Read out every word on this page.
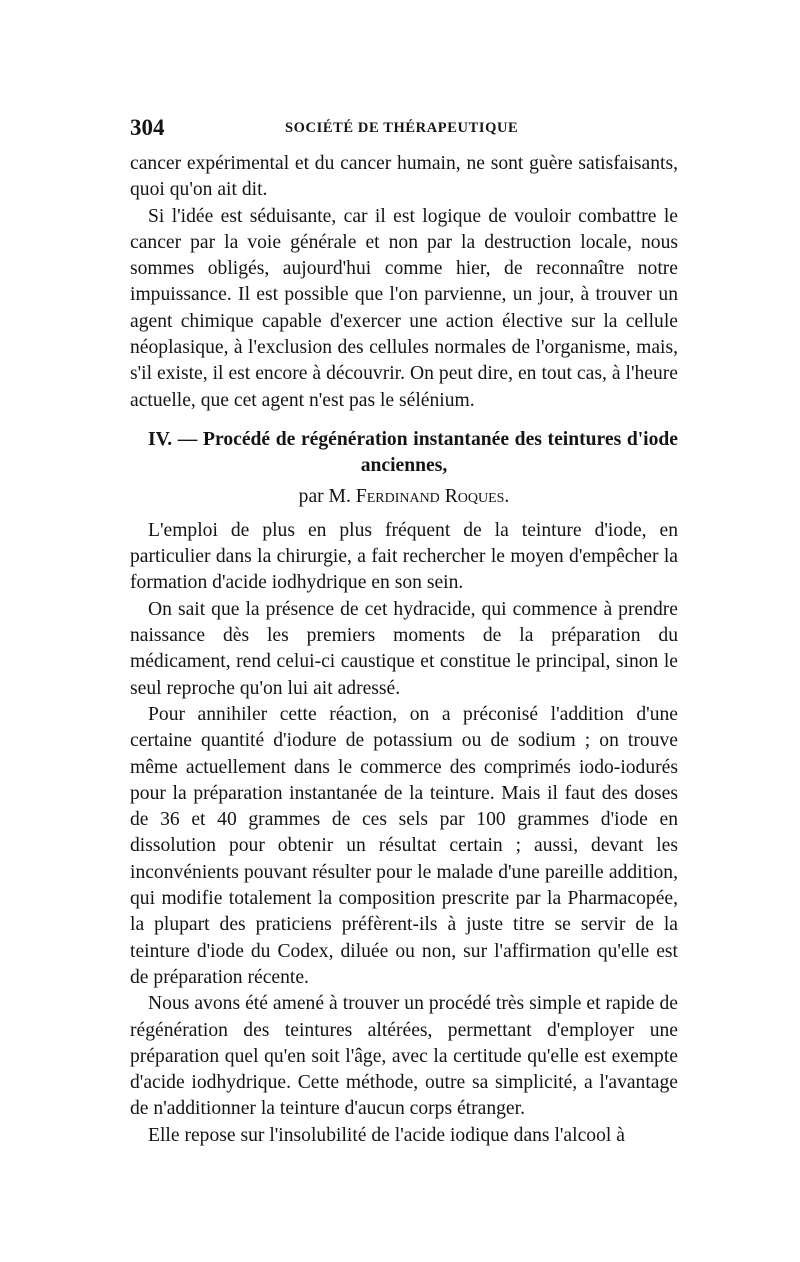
304	SOCIÉTÉ DE THÉRAPEUTIQUE

cancer expérimental et du cancer humain, ne sont guère satisfaisants, quoi qu'on ait dit.

Si l'idée est séduisante, car il est logique de vouloir combattre le cancer par la voie générale et non par la destruction locale, nous sommes obligés, aujourd'hui comme hier, de reconnaître notre impuissance. Il est possible que l'on parvienne, un jour, à trouver un agent chimique capable d'exercer une action élective sur la cellule néoplasique, à l'exclusion des cellules normales de l'organisme, mais, s'il existe, il est encore à découvrir. On peut dire, en tout cas, à l'heure actuelle, que cet agent n'est pas le sélénium.

IV. — Procédé de régénération instantanée des teintures d'iode anciennes,

par M. Ferdinand Roques.

L'emploi de plus en plus fréquent de la teinture d'iode, en particulier dans la chirurgie, a fait rechercher le moyen d'empêcher la formation d'acide iodhydrique en son sein.

On sait que la présence de cet hydracide, qui commence à prendre naissance dès les premiers moments de la préparation du médicament, rend celui-ci caustique et constitue le principal, sinon le seul reproche qu'on lui ait adressé.

Pour annihiler cette réaction, on a préconisé l'addition d'une certaine quantité d'iodure de potassium ou de sodium ; on trouve même actuellement dans le commerce des comprimés iodo-iodurés pour la préparation instantanée de la teinture. Mais il faut des doses de 36 et 40 grammes de ces sels par 100 grammes d'iode en dissolution pour obtenir un résultat certain ; aussi, devant les inconvénients pouvant résulter pour le malade d'une pareille addition, qui modifie totalement la composition prescrite par la Pharmacopée, la plupart des praticiens préfèrent-ils à juste titre se servir de la teinture d'iode du Codex, diluée ou non, sur l'affirmation qu'elle est de préparation récente.

Nous avons été amené à trouver un procédé très simple et rapide de régénération des teintures altérées, permettant d'employer une préparation quel qu'en soit l'âge, avec la certitude qu'elle est exempte d'acide iodhydrique. Cette méthode, outre sa simplicité, a l'avantage de n'additionner la teinture d'aucun corps étranger.

Elle repose sur l'insolubilité de l'acide iodique dans l'alcool à
